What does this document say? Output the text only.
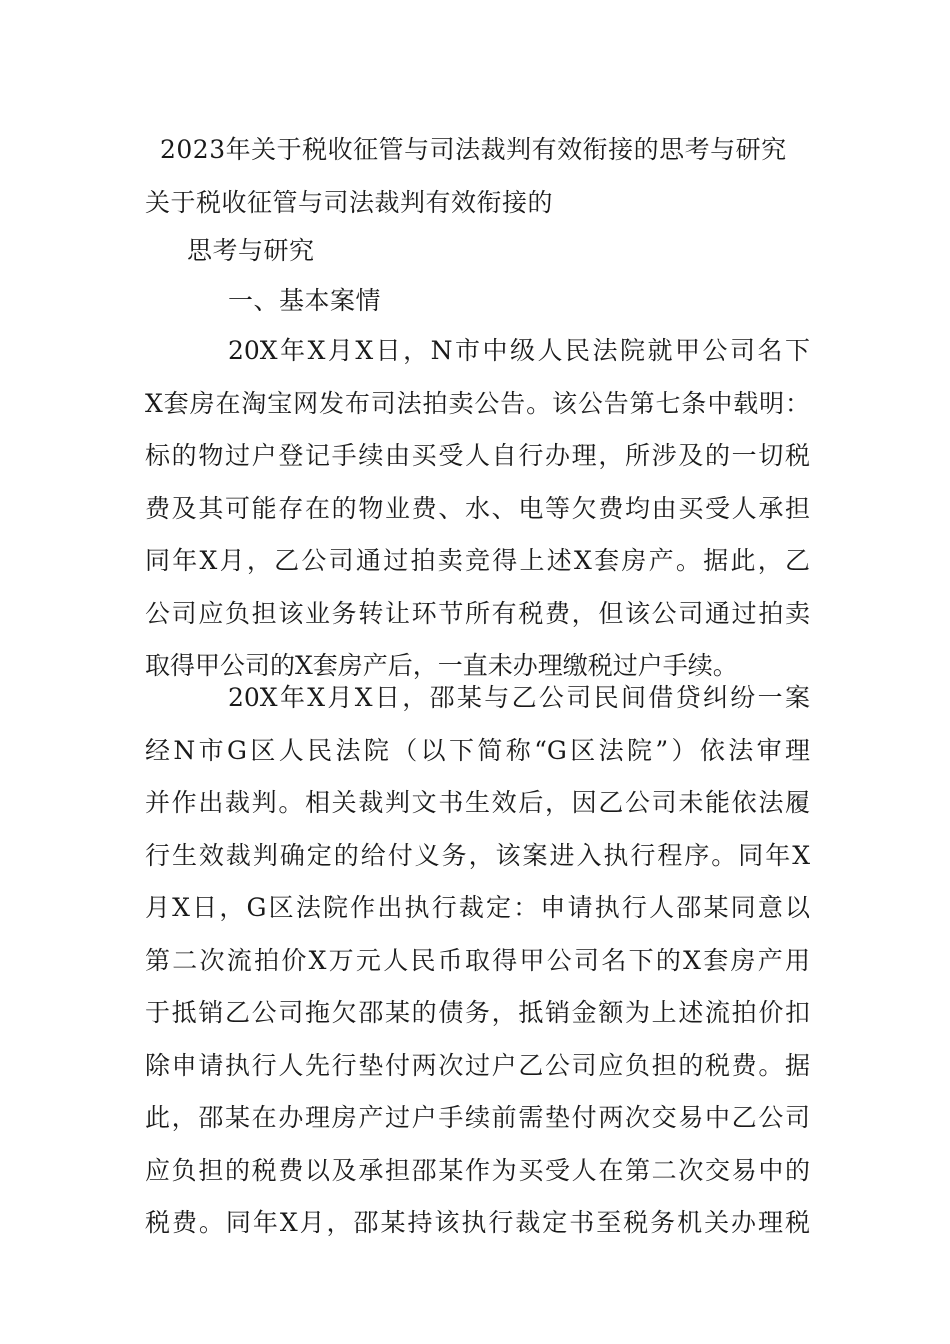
2023年关于税收征管与司法裁判有效衔接的思考与研究
关于税收征管与司法裁判有效衔接的
思考与研究
一、基本案情
20X年X月X日，N市中级人民法院就甲公司名下
X套房在淘宝网发布司法拍卖公告。该公告第七条中载明：
标的物过户登记手续由买受人自行办理，所涉及的一切税
费及其可能存在的物业费、水、电等欠费均由买受人承担
同年X月，乙公司通过拍卖竞得上述X套房产。据此，乙
公司应负担该业务转让环节所有税费，但该公司通过拍卖
取得甲公司的X套房产后，一直未办理缴税过户手续。
20X年X月X日，邵某与乙公司民间借贷纠纷一案
经N市G区人民法院（以下简称“G区法院”）依法审理
并作出裁判。相关裁判文书生效后，因乙公司未能依法履
行生效裁判确定的给付义务，该案进入执行程序。同年X
月X日，G区法院作出执行裁定：申请执行人邵某同意以
第二次流拍价X万元人民币取得甲公司名下的X套房产用
于抵销乙公司拖欠邵某的债务，抵销金额为上述流拍价扣
除申请执行人先行垫付两次过户乙公司应负担的税费。据
此，邵某在办理房产过户手续前需垫付两次交易中乙公司
应负担的税费以及承担邵某作为买受人在第二次交易中的
税费。同年X月，邵某持该执行裁定书至税务机关办理税
